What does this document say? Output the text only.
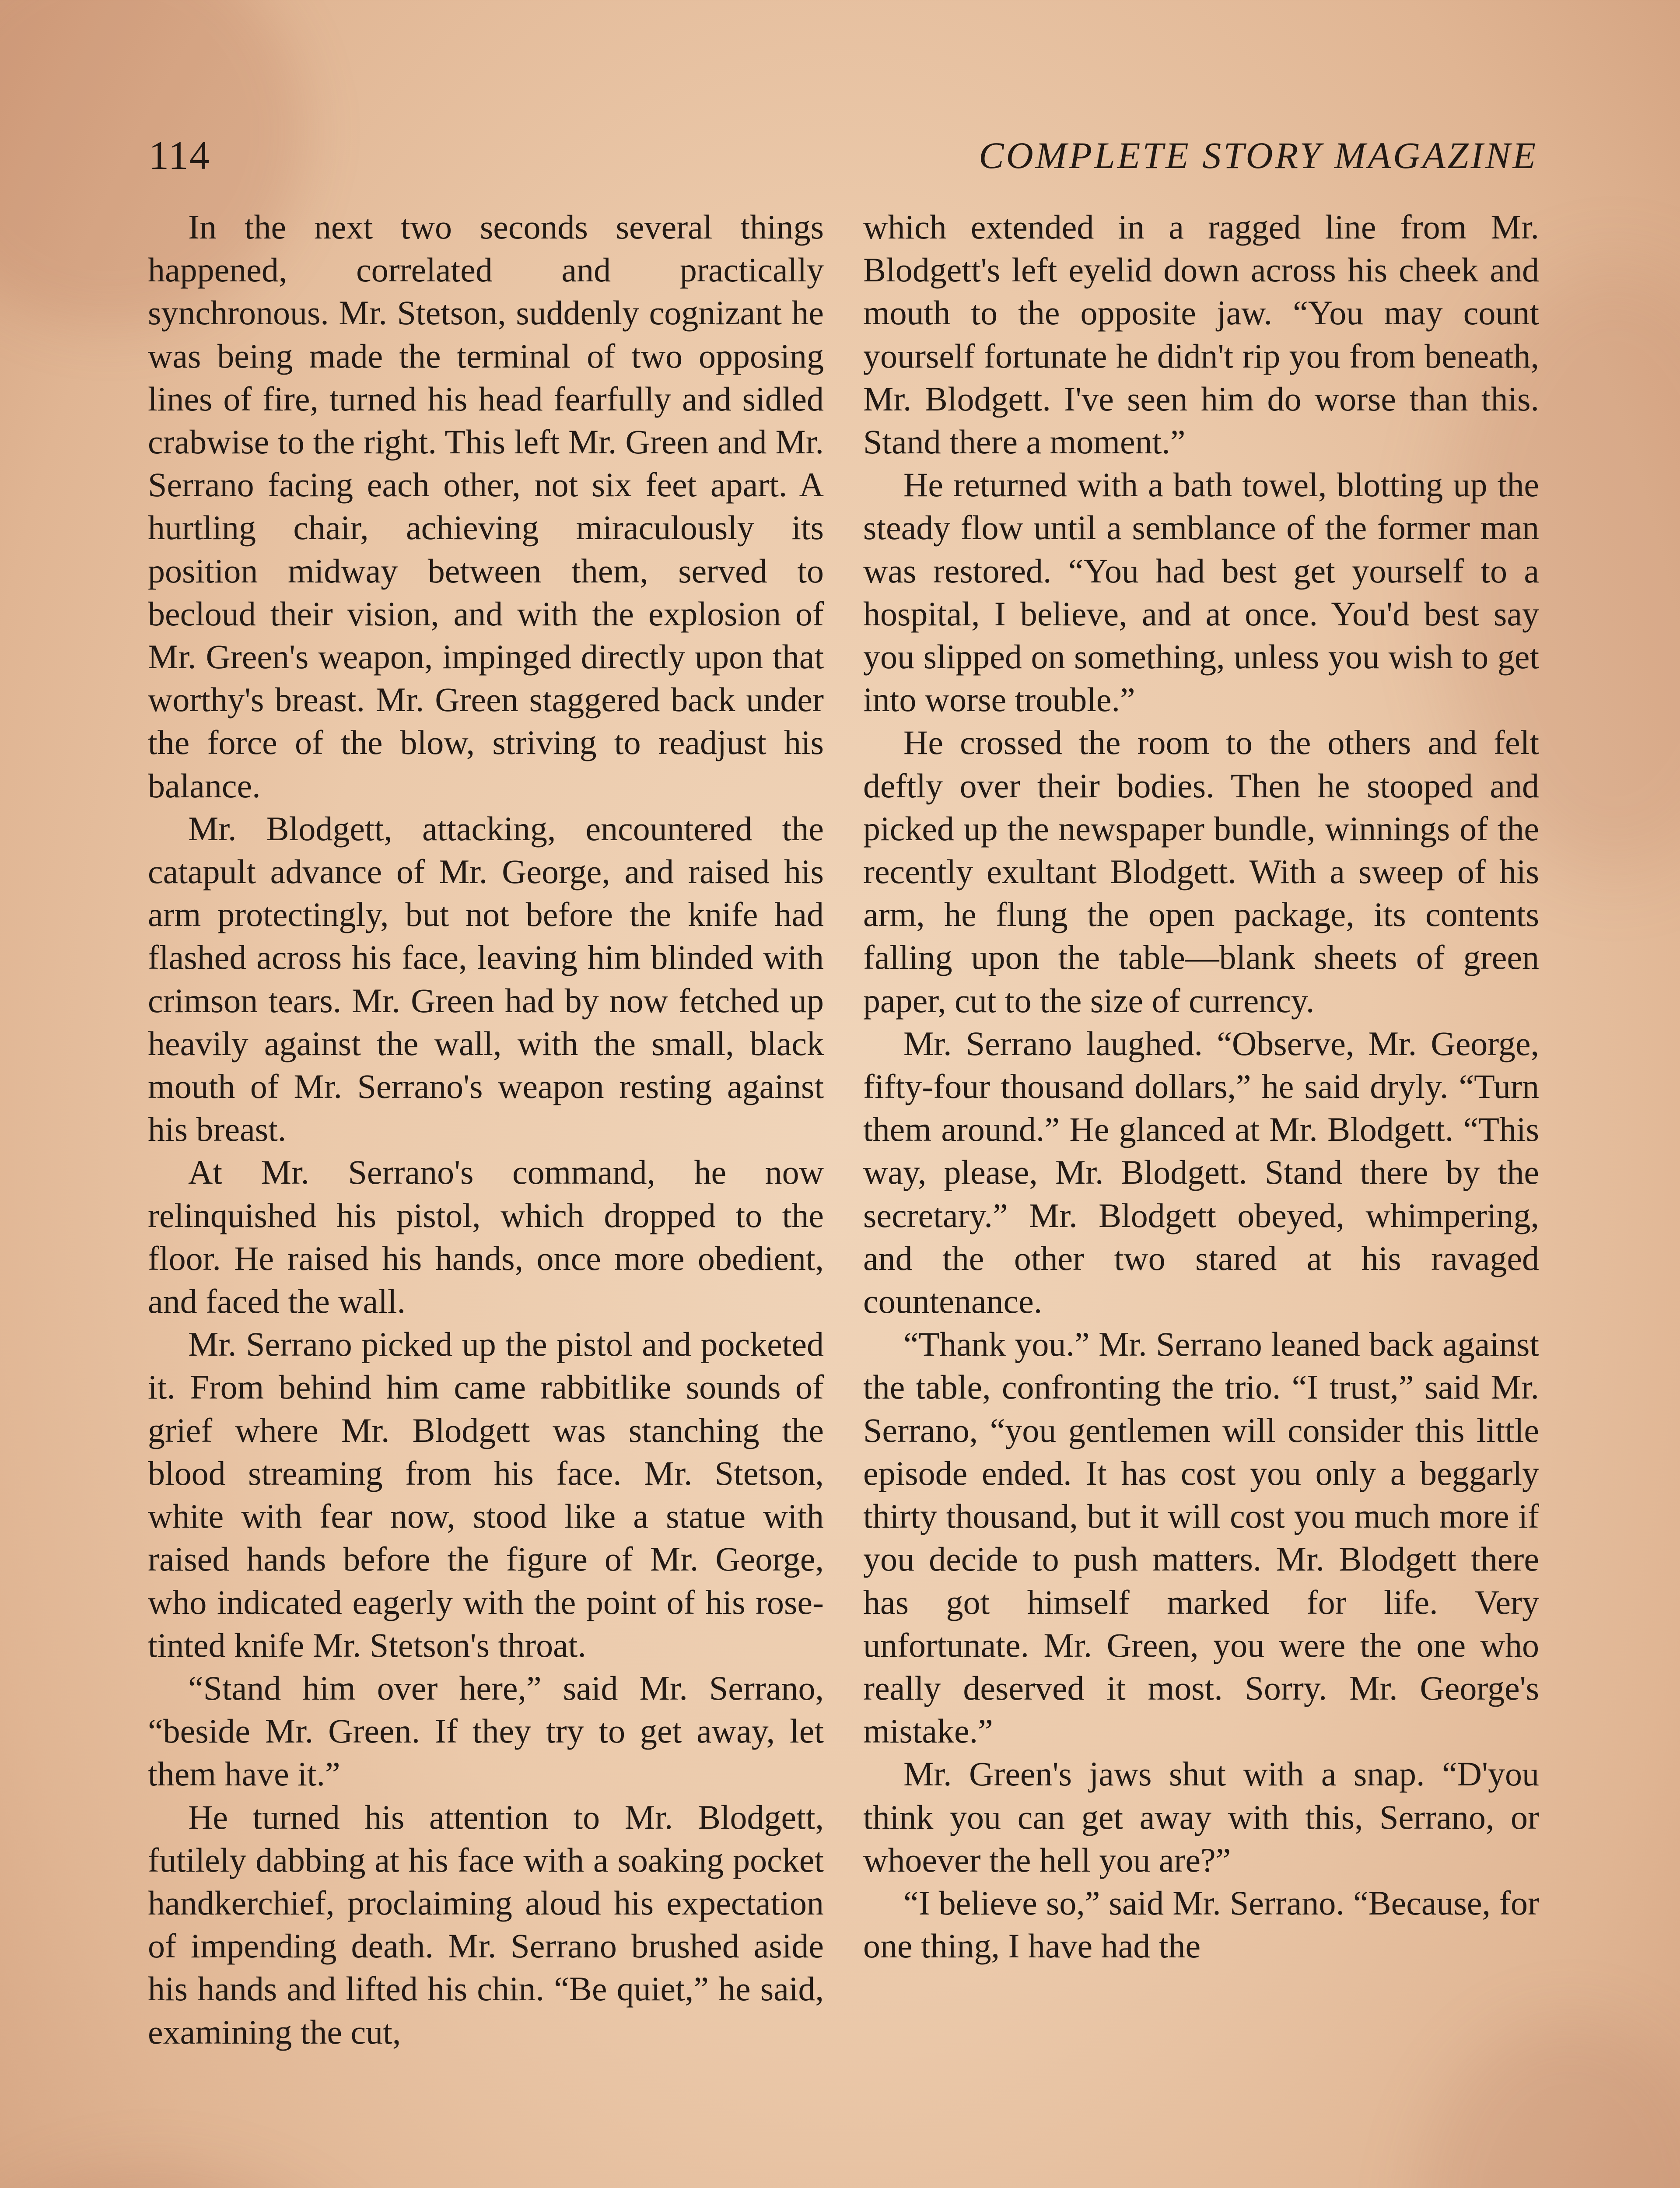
114	COMPLETE STORY MAGAZINE

In the next two seconds several things happened, correlated and practically synchronous. Mr. Stetson, suddenly cognizant he was being made the terminal of two opposing lines of fire, turned his head fearfully and sidled crabwise to the right. This left Mr. Green and Mr. Serrano facing each other, not six feet apart. A hurtling chair, achieving miraculously its position midway between them, served to becloud their vision, and with the explosion of Mr. Green's weapon, impinged directly upon that worthy's breast. Mr. Green staggered back under the force of the blow, striving to readjust his balance.

Mr. Blodgett, attacking, encountered the catapult advance of Mr. George, and raised his arm protectingly, but not before the knife had flashed across his face, leaving him blinded with crimson tears. Mr. Green had by now fetched up heavily against the wall, with the small, black mouth of Mr. Serrano's weapon resting against his breast.

At Mr. Serrano's command, he now relinquished his pistol, which dropped to the floor. He raised his hands, once more obedient, and faced the wall.

Mr. Serrano picked up the pistol and pocketed it. From behind him came rabbitlike sounds of grief where Mr. Blodgett was stanching the blood streaming from his face. Mr. Stetson, white with fear now, stood like a statue with raised hands before the figure of Mr. George, who indicated eagerly with the point of his rose-tinted knife Mr. Stetson's throat.

“Stand him over here,” said Mr. Serrano, “beside Mr. Green. If they try to get away, let them have it.”

He turned his attention to Mr. Blodgett, futilely dabbing at his face with a soaking pocket handkerchief, proclaiming aloud his expectation of impending death. Mr. Serrano brushed aside his hands and lifted his chin. “Be quiet,” he said, examining the cut,

which extended in a ragged line from Mr. Blodgett's left eyelid down across his cheek and mouth to the opposite jaw. “You may count yourself fortunate he didn't rip you from beneath, Mr. Blodgett. I've seen him do worse than this. Stand there a moment.”

He returned with a bath towel, blotting up the steady flow until a semblance of the former man was restored. “You had best get yourself to a hospital, I believe, and at once. You'd best say you slipped on something, unless you wish to get into worse trouble.”

He crossed the room to the others and felt deftly over their bodies. Then he stooped and picked up the newspaper bundle, winnings of the recently exultant Blodgett. With a sweep of his arm, he flung the open package, its contents falling upon the table—blank sheets of green paper, cut to the size of currency.

Mr. Serrano laughed. “Observe, Mr. George, fifty-four thousand dollars,” he said dryly. “Turn them around.” He glanced at Mr. Blodgett. “This way, please, Mr. Blodgett. Stand there by the secretary.” Mr. Blodgett obeyed, whimpering, and the other two stared at his ravaged countenance.

“Thank you.” Mr. Serrano leaned back against the table, confronting the trio. “I trust,” said Mr. Serrano, “you gentlemen will consider this little episode ended. It has cost you only a beggarly thirty thousand, but it will cost you much more if you decide to push matters. Mr. Blodgett there has got himself marked for life. Very unfortunate. Mr. Green, you were the one who really deserved it most. Sorry. Mr. George's mistake.”

Mr. Green's jaws shut with a snap. “D'you think you can get away with this, Serrano, or whoever the hell you are?”

“I believe so,” said Mr. Serrano. “Because, for one thing, I have had the
